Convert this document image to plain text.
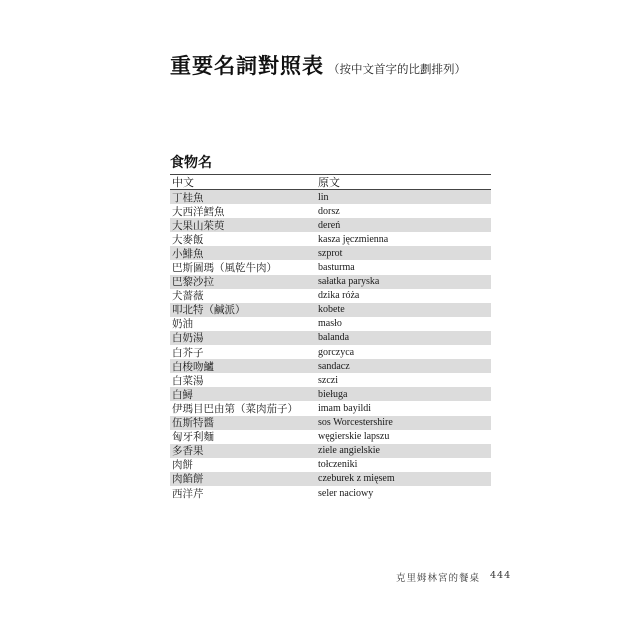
重要名詞對照表 （按中文首字的比劃排列）
食物名
中文	原文
丁桂魚	lin
大西洋鱈魚	dorsz
大果山茱萸	dereń
大麥飯	kasza jęczmienna
小鯡魚	szprot
巴斯圖瑪（風乾牛肉）	basturma
巴黎沙拉	sałatka paryska
犬薔薇	dzika róża
叩北特（鹹派）	kobete
奶油	masło
白奶湯	balanda
白芥子	gorczyca
白梭吻鱸	sandacz
白菜湯	szczi
白鱘	bieługa
伊瑪目巴由第（菜肉茄子）	imam bayildi
伍斯特醬	sos Worcestershire
匈牙利麵	węgierskie lapszu
多香果	ziele angielskie
肉餅	tołczeniki
肉餡餅	czeburek z mięsem
西洋芹	seler naciowy
克里姆林宮的餐桌 444
